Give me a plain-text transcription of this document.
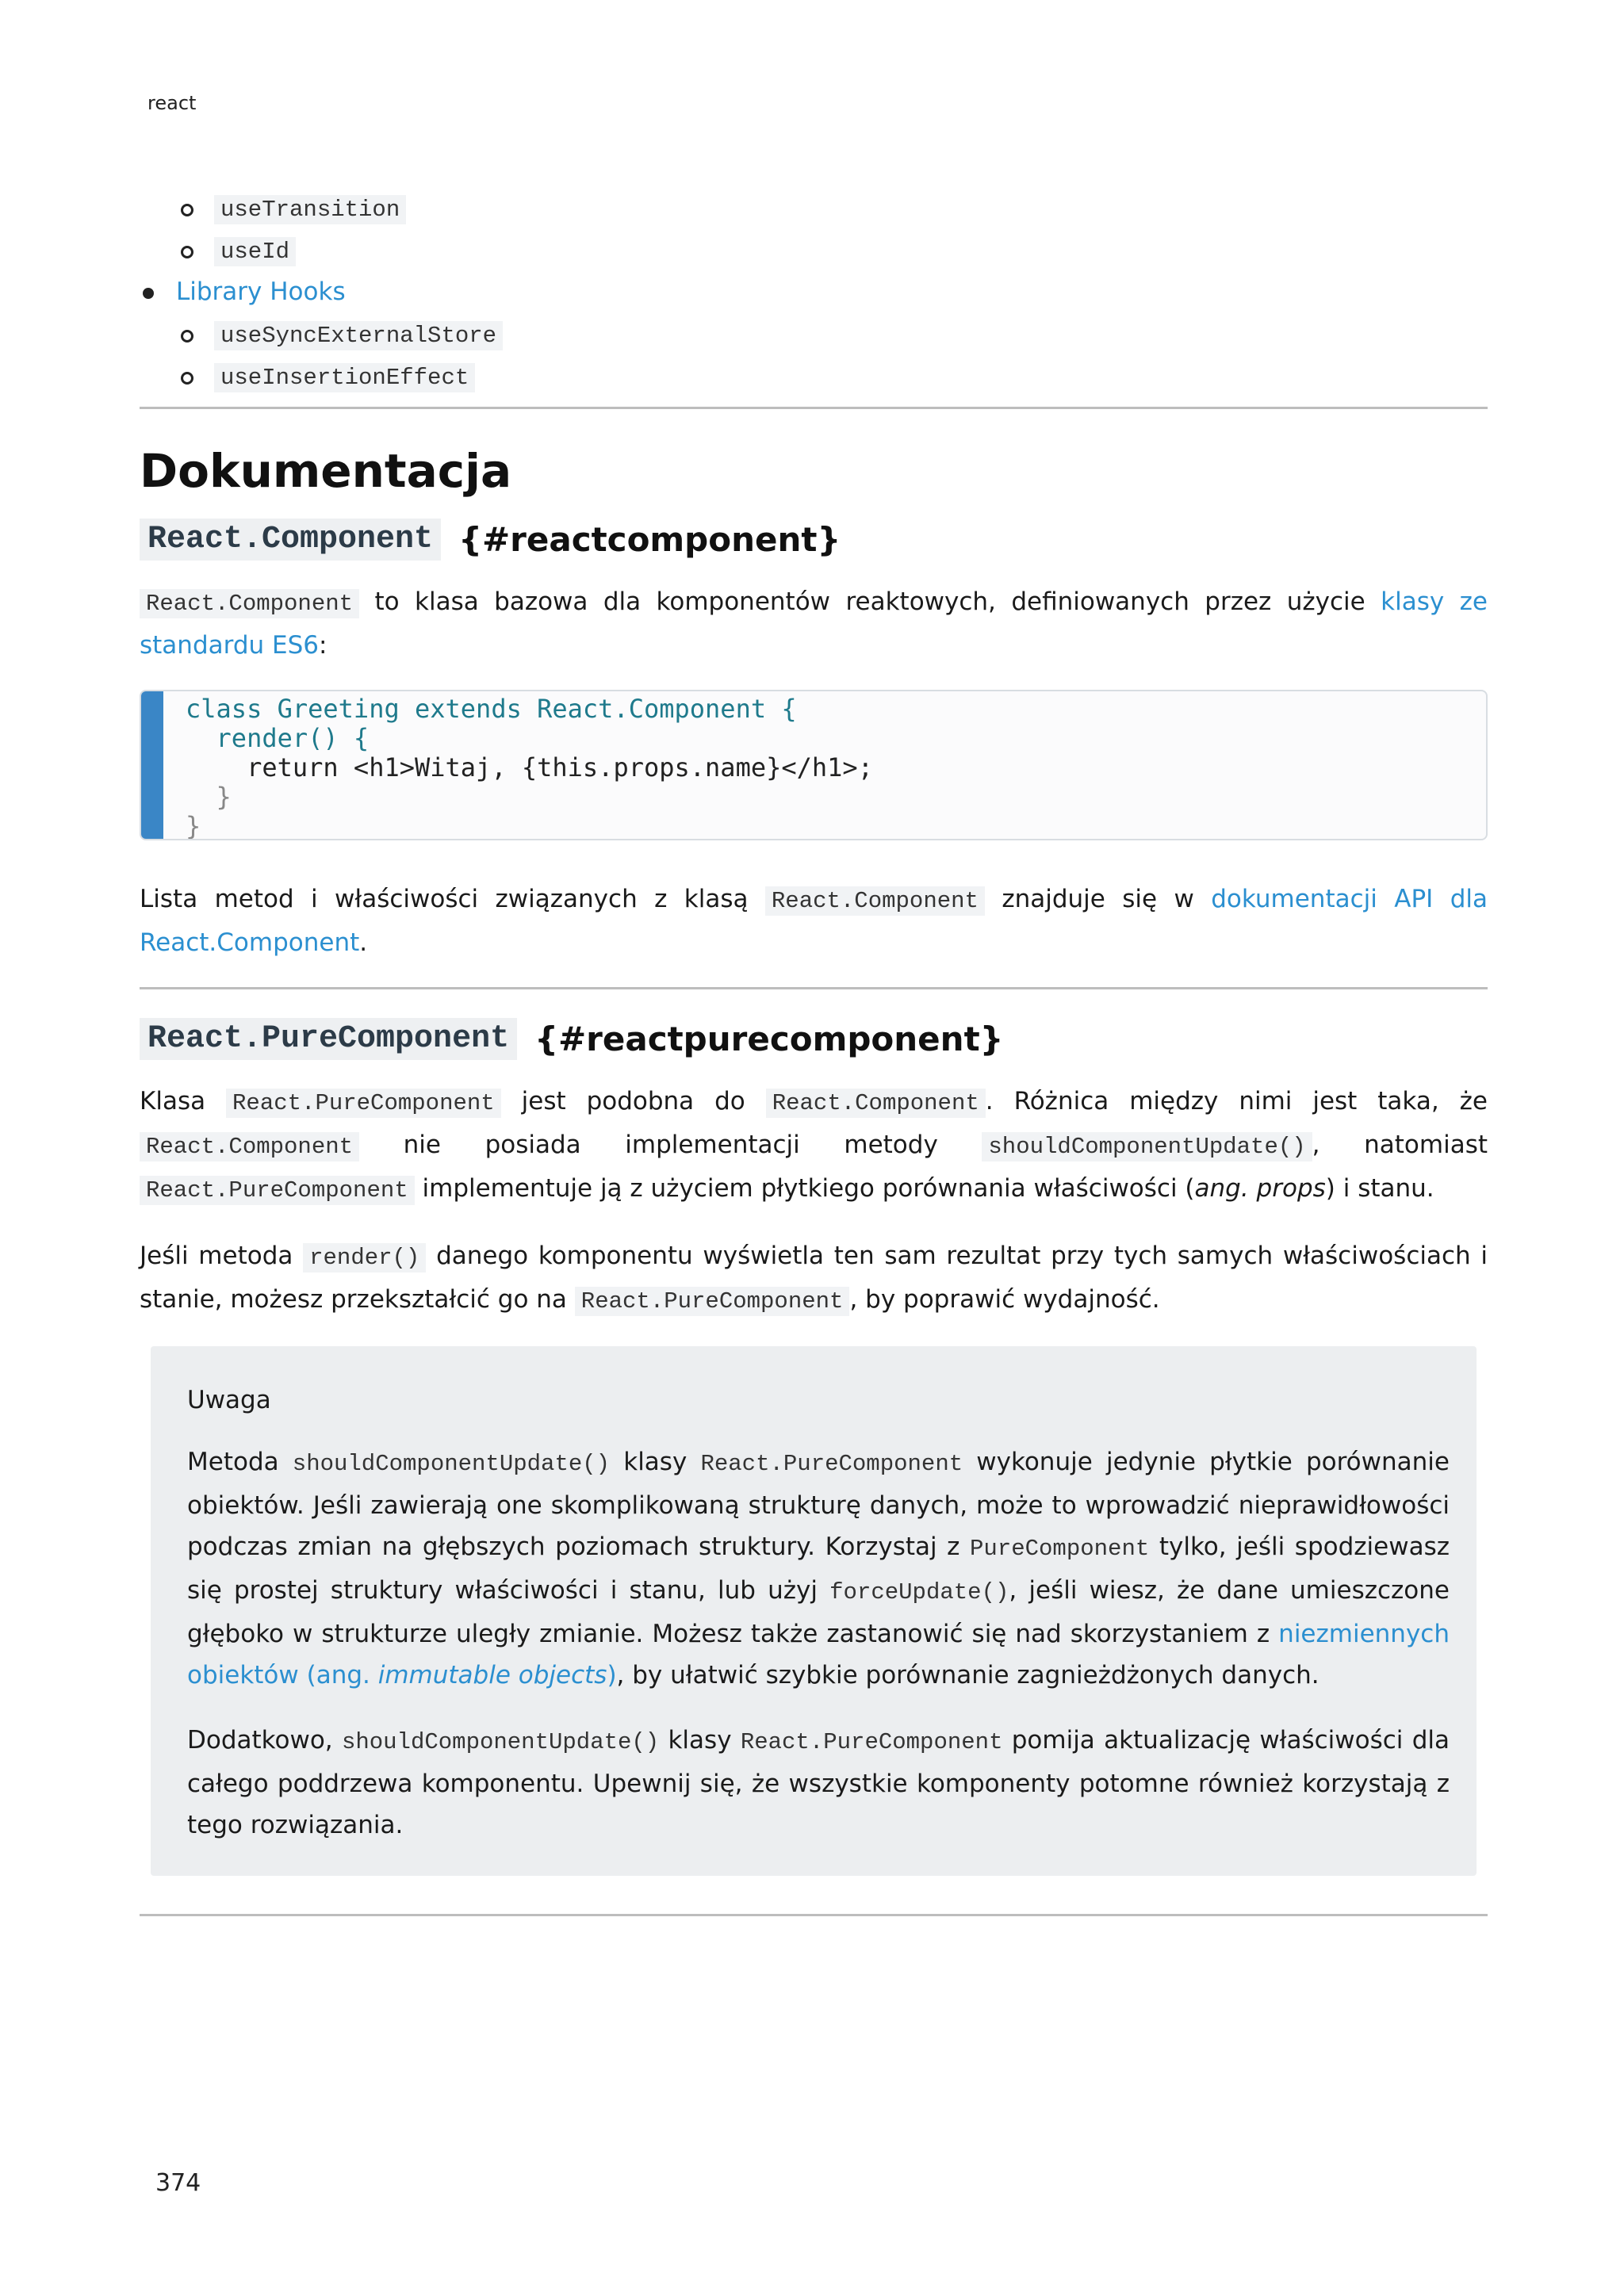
react
useTransition
useId
Library Hooks
useSyncExternalStore
useInsertionEffect
Dokumentacja
React.Component {#reactcomponent}

React.Component to klasa bazowa dla komponentów reaktowych, definiowanych przez użycie klasy ze standardu ES6:

class Greeting extends React.Component {
render() {
return <h1>Witaj, {this.props.name}</h1>;
}
}

Lista metod i właściwości związanych z klasą React.Component znajduje się w dokumentacji API dla React.Component.

React.PureComponent {#reactpurecomponent}

Klasa React.PureComponent jest podobna do React.Component . Różnica między nimi jest taka, że React.Component nie posiada implementacji metody shouldComponentUpdate() , natomiast React.PureComponent implementuje ją z użyciem płytkiego porównania właściwości (ang. props) i stanu.

Jeśli metoda render() danego komponentu wyświetla ten sam rezultat przy tych samych właściwościach i stanie, możesz przekształcić go na React.PureComponent , by poprawić wydajność.

Uwaga

Metoda shouldComponentUpdate() klasy React.PureComponent wykonuje jedynie płytkie porównanie obiektów. Jeśli zawierają one skomplikowaną strukturę danych, może to wprowadzić nieprawidłowości podczas zmian na głębszych poziomach struktury. Korzystaj z PureComponent tylko, jeśli spodziewasz się prostej struktury właściwości i stanu, lub użyj forceUpdate(), jeśli wiesz, że dane umieszczone głęboko w strukturze uległy zmianie. Możesz także zastanowić się nad skorzystaniem z niezmiennych obiektów (ang. immutable objects), by ułatwić szybkie porównanie zagnieżdżonych danych.

Dodatkowo, shouldComponentUpdate() klasy React.PureComponent pomija aktualizację właściwości dla całego poddrzewa komponentu. Upewnij się, że wszystkie komponenty potomne również korzystają z tego rozwiązania.

374
